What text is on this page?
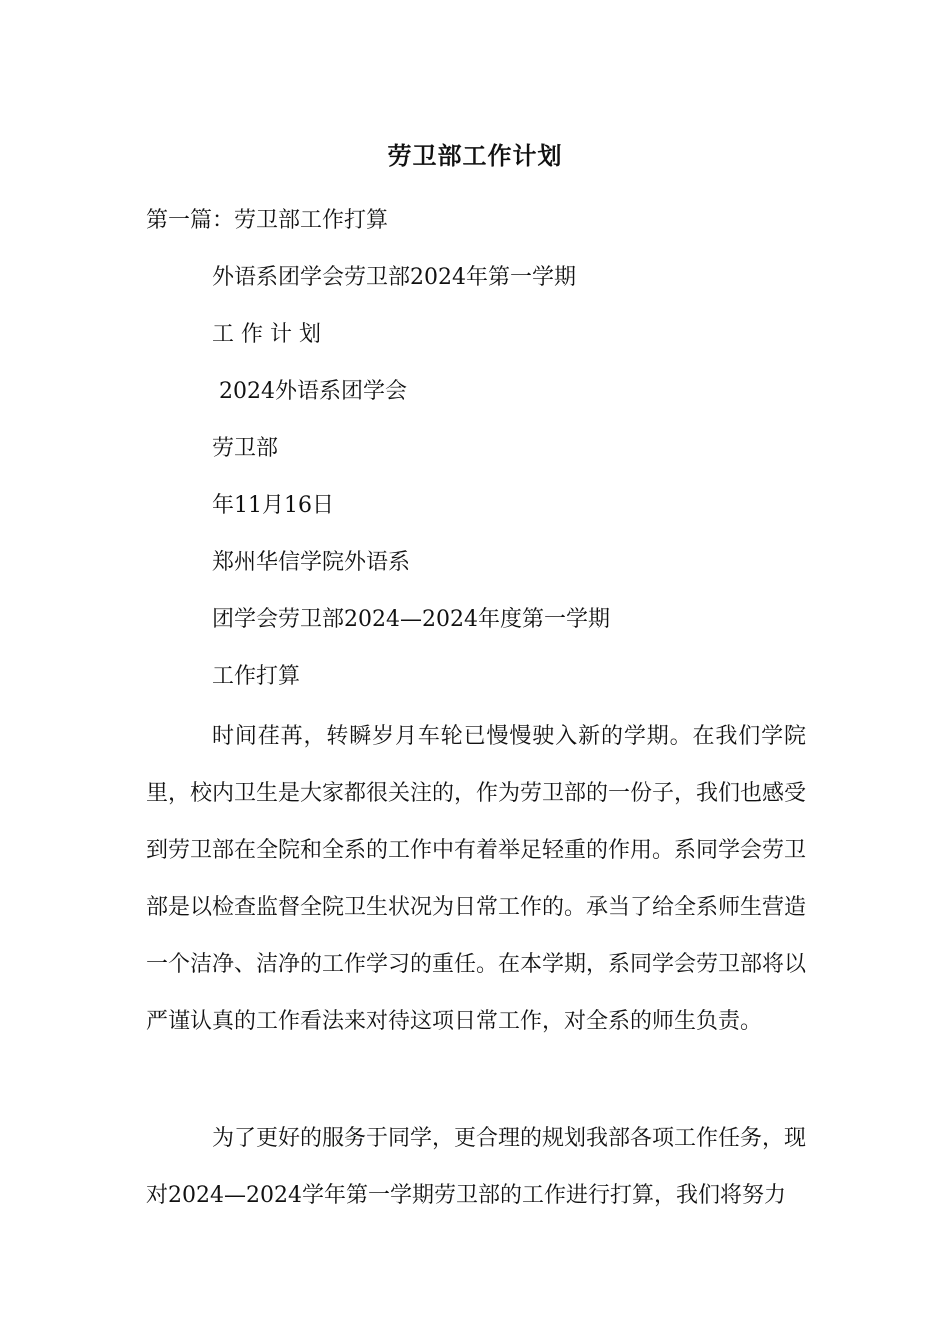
劳卫部工作计划
第一篇：劳卫部工作打算
外语系团学会劳卫部2024年第一学期
工 作 计 划
2024外语系团学会
劳卫部
年11月16日
郑州华信学院外语系
团学会劳卫部2024—2024年度第一学期
工作打算

时间荏苒，转瞬岁月车轮已慢慢驶入新的学期。在我们学院里，校内卫生是大家都很关注的，作为劳卫部的一份子，我们也感受到劳卫部在全院和全系的工作中有着举足轻重的作用。系同学会劳卫部是以检查监督全院卫生状况为日常工作的。承当了给全系师生营造一个洁净、洁净的工作学习的重任。在本学期，系同学会劳卫部将以严谨认真的工作看法来对待这项日常工作，对全系的师生负责。

为了更好的服务于同学，更合理的规划我部各项工作任务，现对2024—2024学年第一学期劳卫部的工作进行打算，我们将努力
